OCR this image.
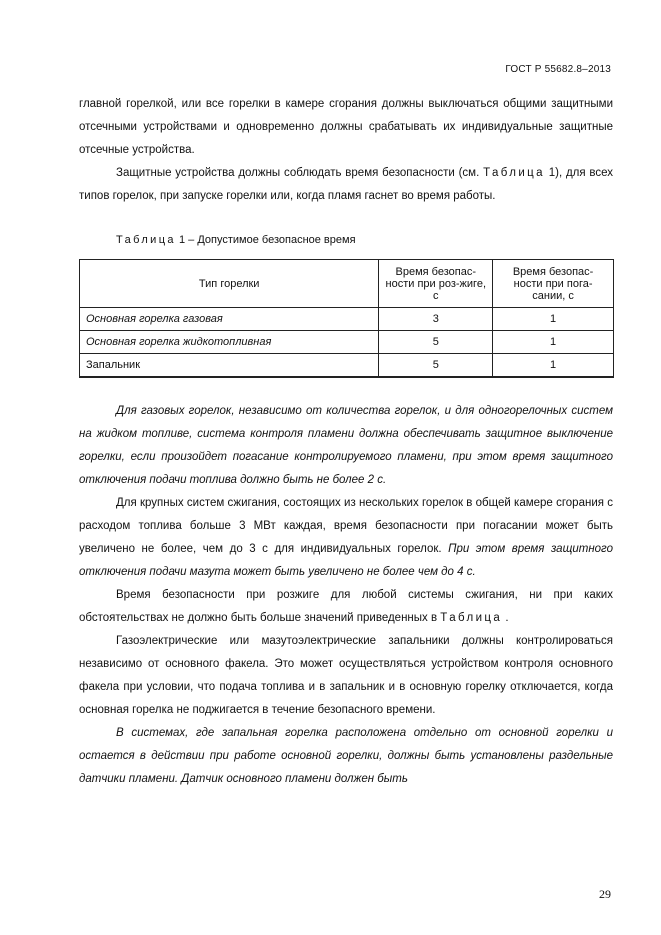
ГОСТ Р 55682.8–2013

главной горелкой, или все горелки в камере сгорания должны выключаться общими защитными отсечными устройствами и одновременно должны срабатывать их индивидуальные защитные отсечные устройства.

Защитные устройства должны соблюдать время безопасности (см. Таблица 1), для всех типов горелок, при запуске горелки или, когда пламя гаснет во время работы.

Таблица 1 – Допустимое безопасное время
Тип горелки	Время безопас-ности при роз-жиге, с	Время безопас-ности при пога-сании, с
Основная горелка газовая	3	1
Основная горелка жидкотопливная	5	1
Запальник	5	1

Для газовых горелок, независимо от количества горелок, и для одногорелочных систем на жидком топливе, система контроля пламени должна обеспечивать защитное выключение горелки, если произойдет погасание контролируемого пламени, при этом время защитного отключения подачи топлива должно быть не более 2 с.

Для крупных систем сжигания, состоящих из нескольких горелок в общей камере сгорания с расходом топлива больше 3 МВт каждая, время безопасности при погасании может быть увеличено не более, чем до 3 с для индивидуальных горелок. При этом время защитного отключения подачи мазута может быть увеличено не более чем до 4 с.

Время безопасности при розжиге для любой системы сжигания, ни при каких обстоятельствах не должно быть больше значений приведенных в Таблица .

Газоэлектрические или мазутоэлектрические запальники должны контролироваться независимо от основного факела. Это может осуществляться устройством контроля основного факела при условии, что подача топлива и в запальник и в основную горелку отключается, когда основная горелка не поджигается в течение безопасного времени.

В системах, где запальная горелка расположена отдельно от основной горелки и остается в действии при работе основной горелки, должны быть установлены раздельные датчики пламени. Датчик основного пламени должен быть

29
